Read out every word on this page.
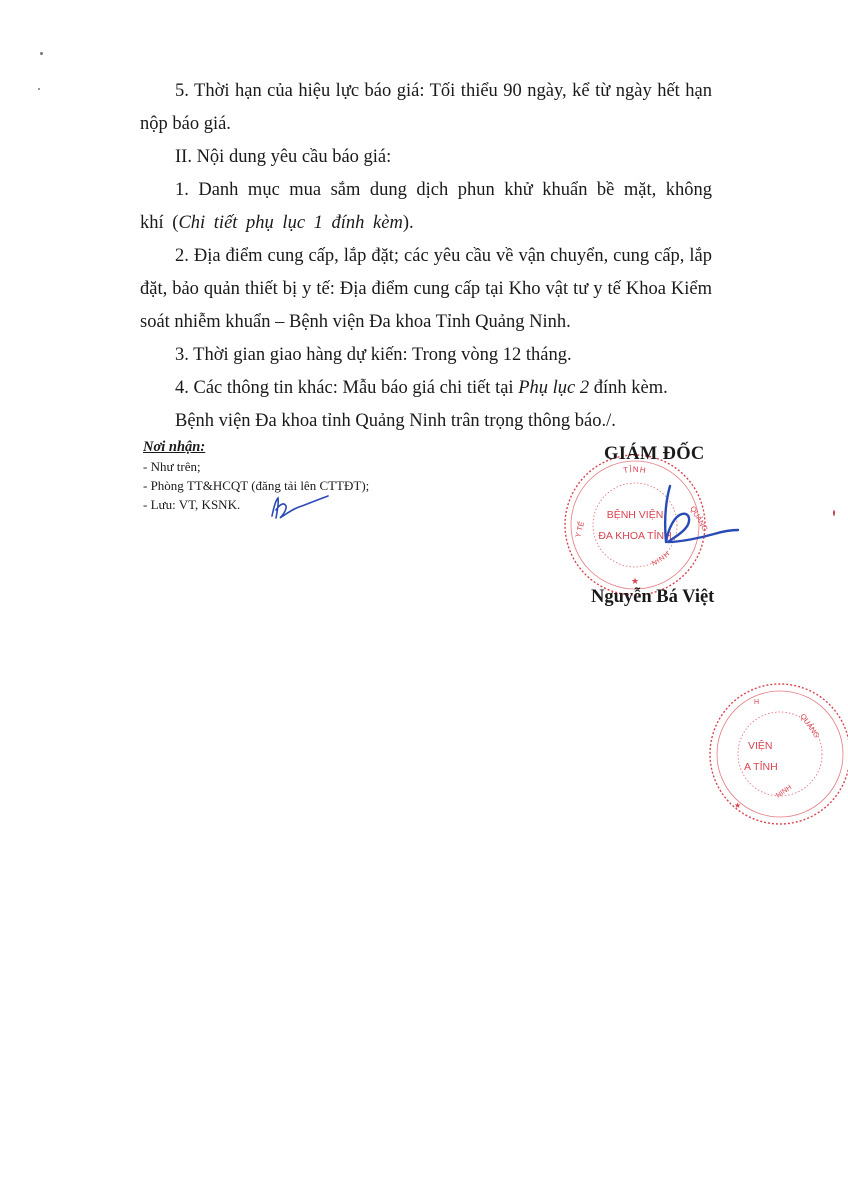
5. Thời hạn của hiệu lực báo giá: Tối thiểu 90 ngày, kể từ ngày hết hạn nộp báo giá.

II. Nội dung yêu cầu báo giá:

1. Danh mục mua sắm dung dịch phun khử khuẩn bề mặt, không khí (Chi tiết phụ lục 1 đính kèm).

2. Địa điểm cung cấp, lắp đặt; các yêu cầu về vận chuyển, cung cấp, lắp đặt, bảo quản thiết bị y tế: Địa điểm cung cấp tại Kho vật tư y tế Khoa Kiểm soát nhiễm khuẩn – Bệnh viện Đa khoa Tỉnh Quảng Ninh.

3. Thời gian giao hàng dự kiến: Trong vòng 12 tháng.

4. Các thông tin khác: Mẫu báo giá chi tiết tại Phụ lục 2 đính kèm.

Bệnh viện Đa khoa tỉnh Quảng Ninh trân trọng thông báo./.

Nơi nhận:
- Như trên;
- Phòng TT&HCQT (đăng tải lên CTTĐT);
- Lưu: VT, KSNK.
TỈNH
QUẢNG
Y TẾ
NINH
BỆNH VIỆN
ĐA KHOA TỈNH
★
GIÁM ĐỐC
Nguyễn Bá Việt
H
QUẢNG
NINH
VIỆN
A TỈNH
★
